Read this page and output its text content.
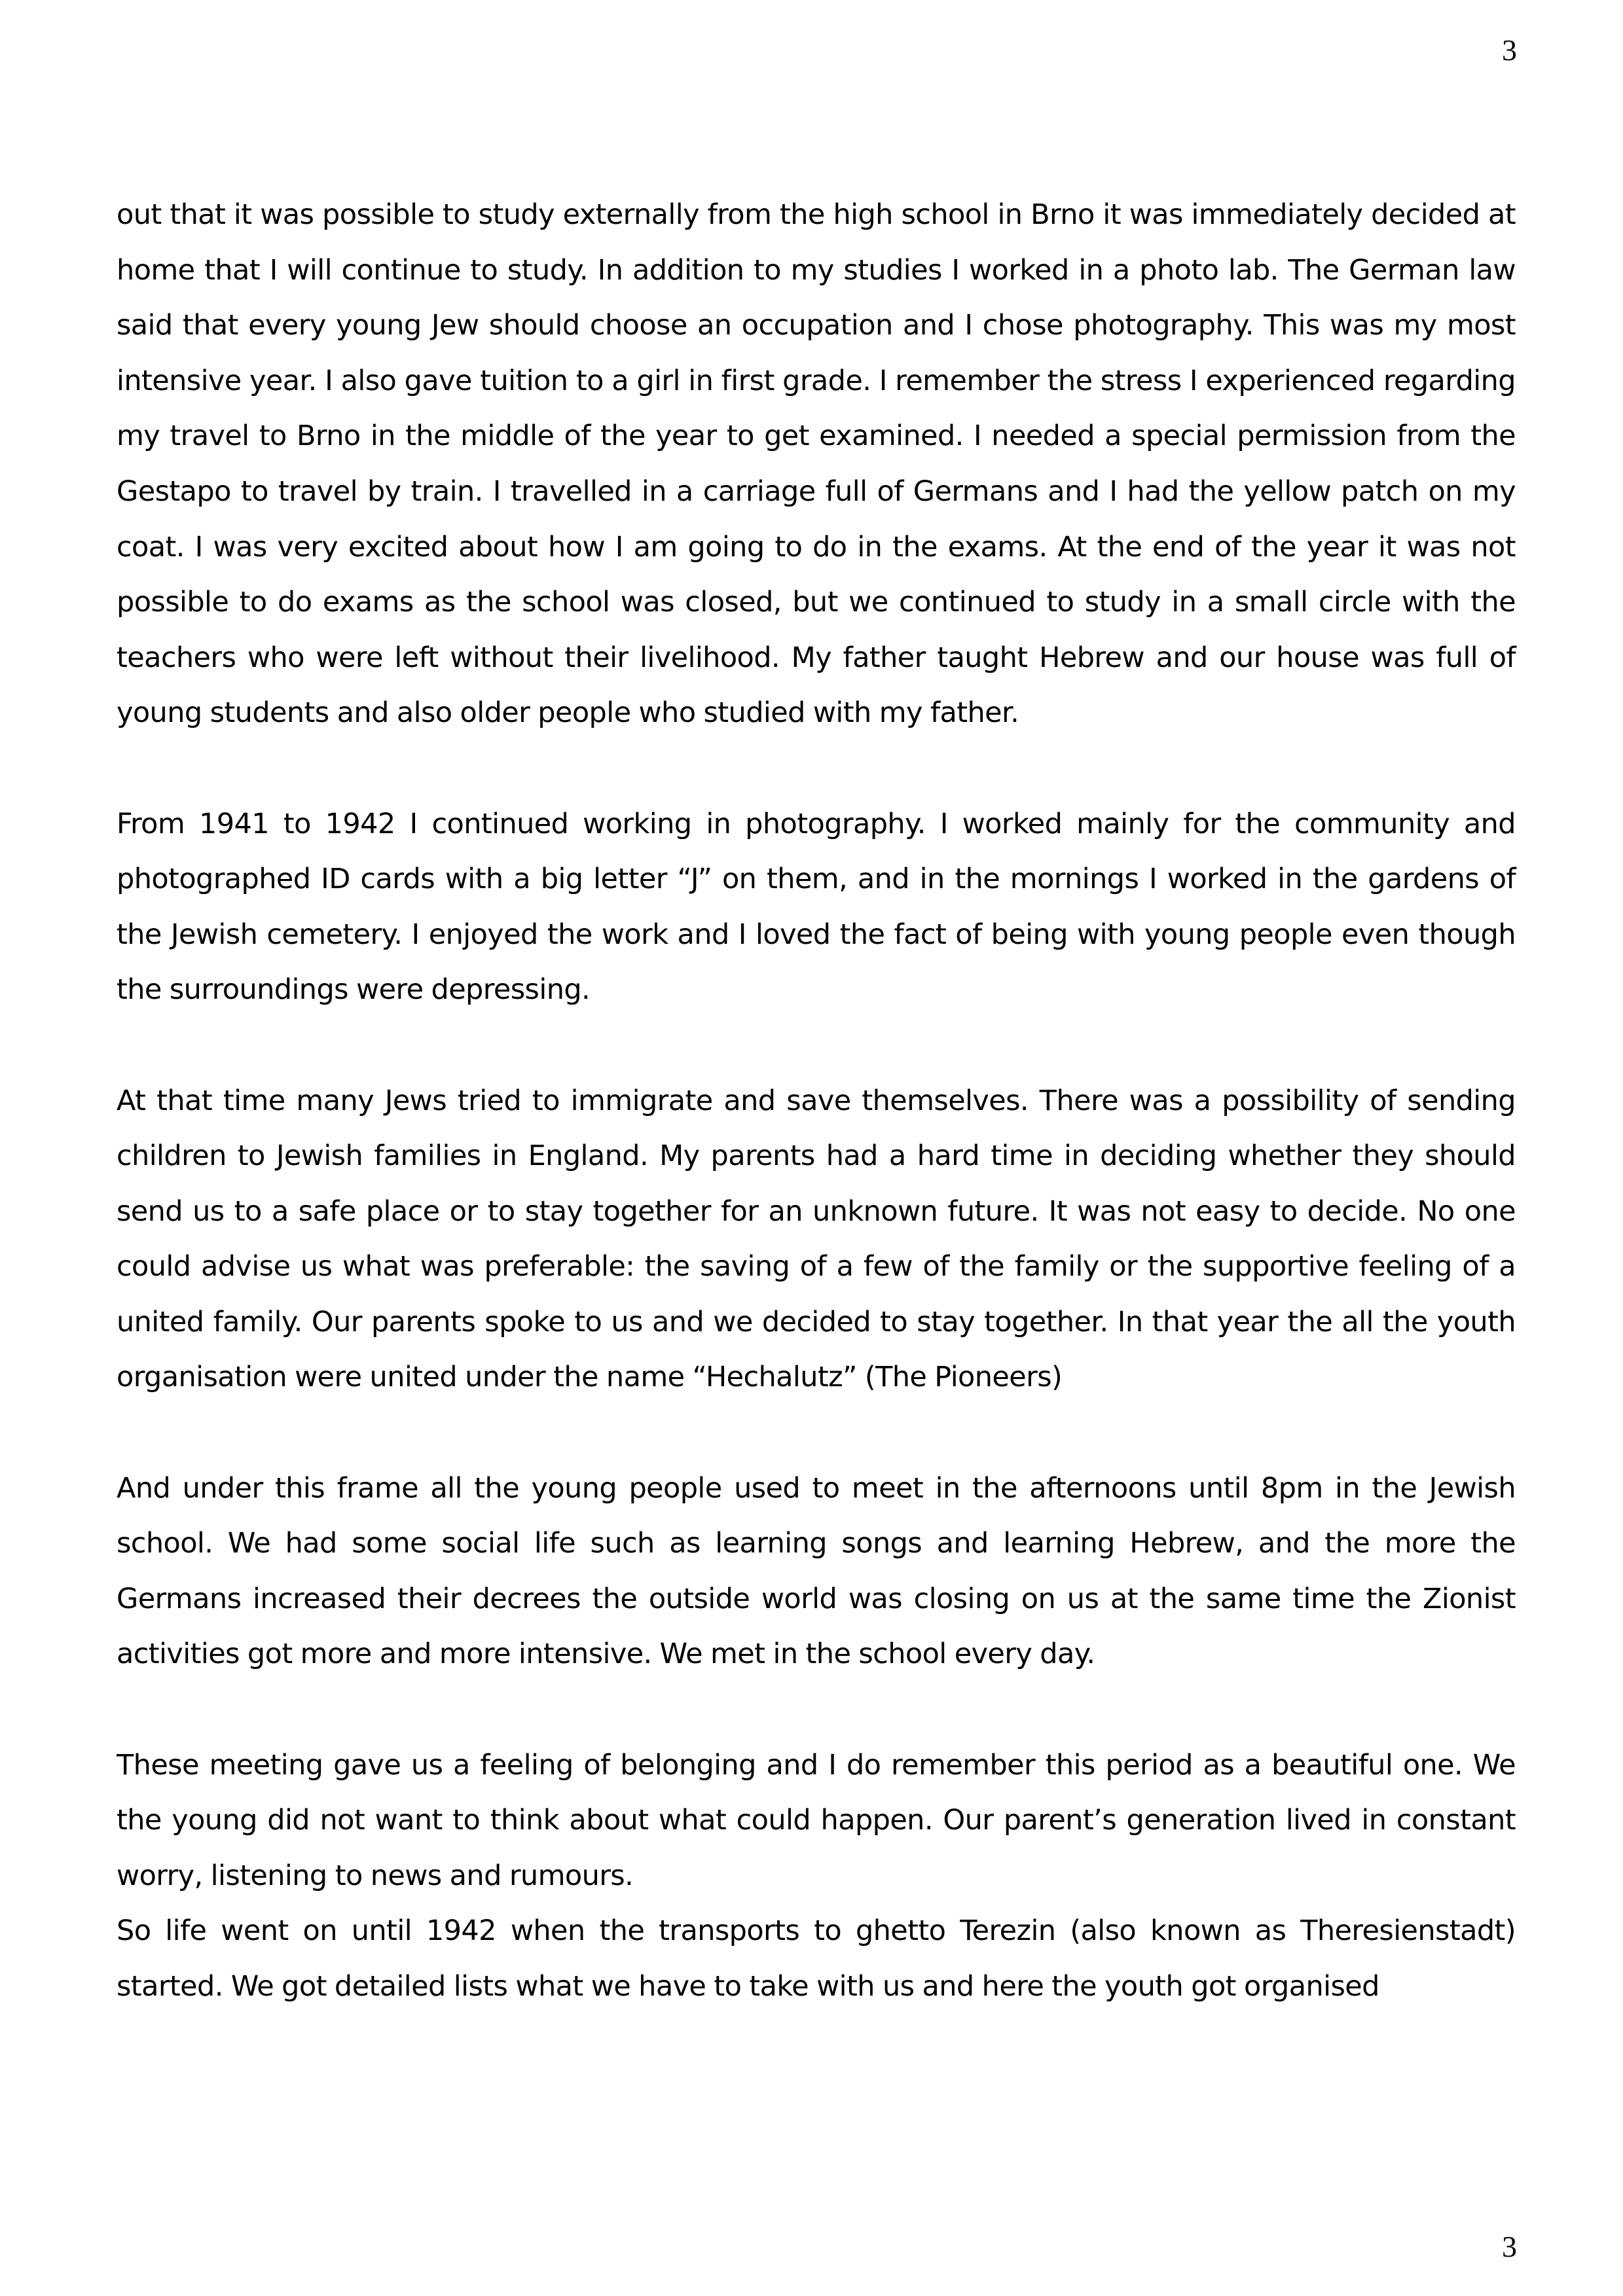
3

out that it was possible to study externally from the high school in Brno it was immediately decided at home that I will continue to study. In addition to my studies I worked in a photo lab. The German law said that every young Jew should choose an occupation and I chose photography. This was my most intensive year. I also gave tuition to a girl in first grade. I remember the stress I experienced regarding my travel to Brno in the middle of the year to get examined. I needed a special permission from the Gestapo to travel by train. I travelled in a carriage full of Germans and I had the yellow patch on my coat. I was very excited about how I am going to do in the exams. At the end of the year it was not possible to do exams as the school was closed, but we continued to study in a small circle with the teachers who were left without their livelihood. My father taught Hebrew and our house was full of young students and also older people who studied with my father.

From 1941 to 1942 I continued working in photography. I worked mainly for the community and photographed ID cards with a big letter “J” on them, and in the mornings I worked in the gardens of the Jewish cemetery. I enjoyed the work and I loved the fact of being with young people even though the surroundings were depressing.

At that time many Jews tried to immigrate and save themselves. There was a possibility of sending children to Jewish families in England. My parents had a hard time in deciding whether they should send us to a safe place or to stay together for an unknown future. It was not easy to decide. No one could advise us what was preferable: the saving of a few of the family or the supportive feeling of a united family. Our parents spoke to us and we decided to stay together. In that year the all the youth organisation were united under the name “Hechalutz” (The Pioneers)

And under this frame all the young people used to meet in the afternoons until 8pm in the Jewish school. We had some social life such as learning songs and learning Hebrew, and the more the Germans increased their decrees the outside world was closing on us at the same time the Zionist activities got more and more intensive. We met in the school every day.

These meeting gave us a feeling of belonging and I do remember this period as a beautiful one. We the young did not want to think about what could happen. Our parent’s generation lived in constant worry, listening to news and rumours.

So life went on until 1942 when the transports to ghetto Terezin (also known as Theresienstadt) started. We got detailed lists what we have to take with us and here the youth got organised

3
